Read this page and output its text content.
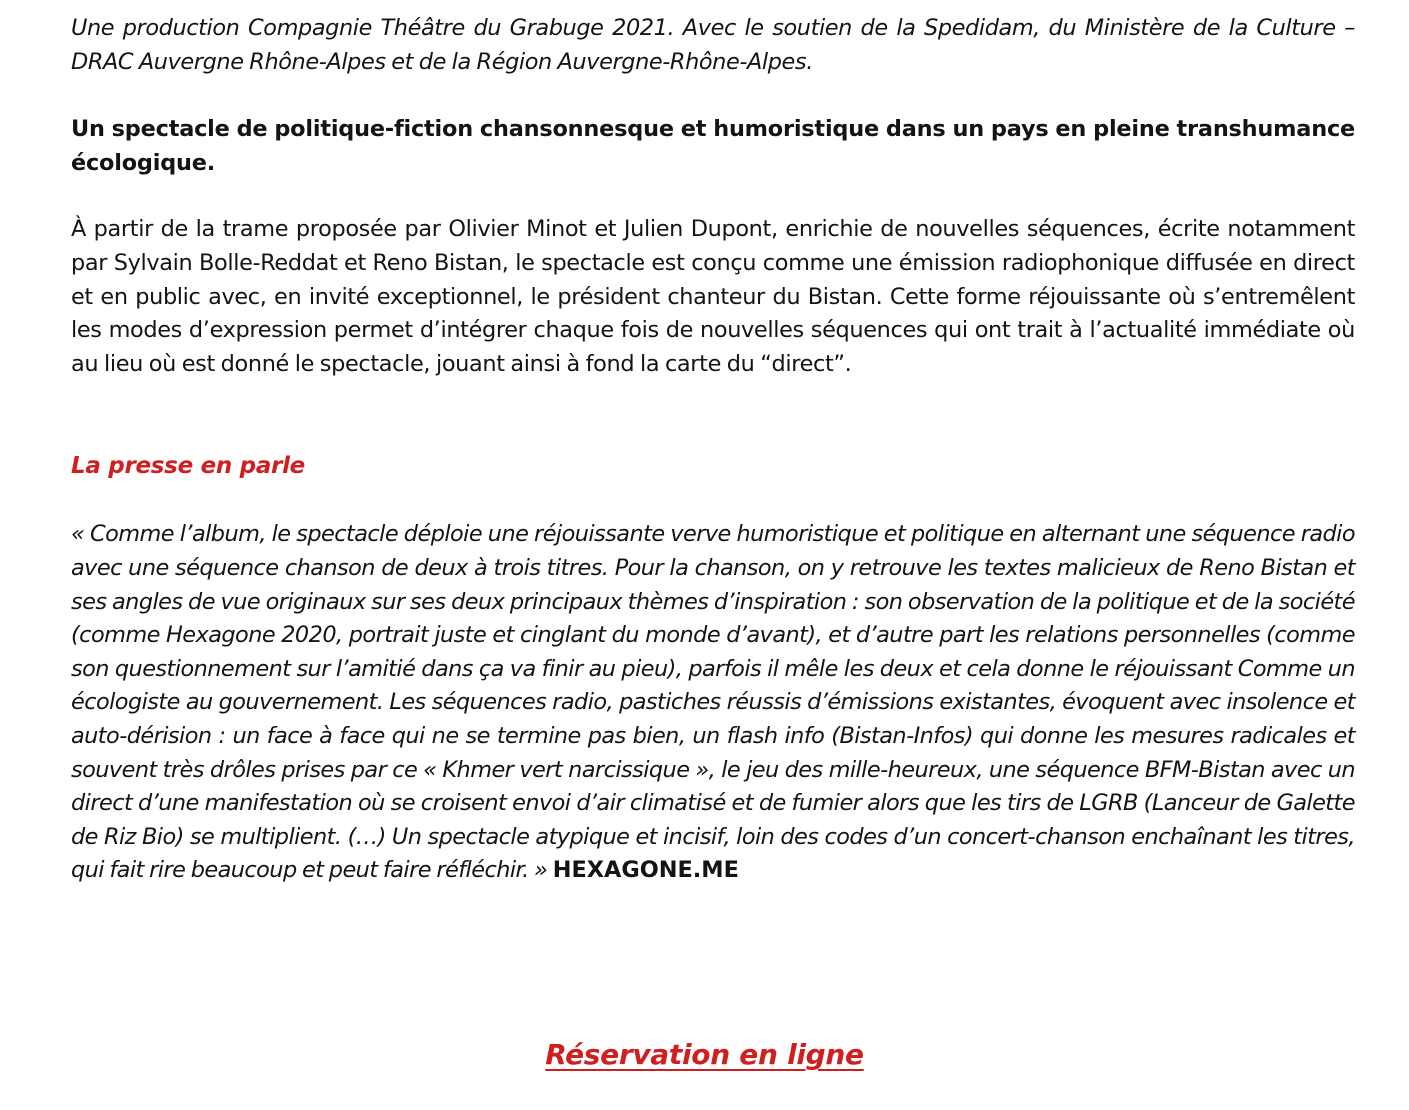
Une production Compagnie Théâtre du Grabuge 2021. Avec le soutien de la Spedidam, du Ministère de la Culture – DRAC Auvergne Rhône-Alpes et de la Région Auvergne-Rhône-Alpes.

Un spectacle de politique-fiction chansonnesque et humoristique dans un pays en pleine transhumance écologique.

À partir de la trame proposée par Olivier Minot et Julien Dupont, enrichie de nouvelles séquences, écrite notamment par Sylvain Bolle-Reddat et Reno Bistan, le spectacle est conçu comme une émission radiophonique diffusée en direct et en public avec, en invité exceptionnel, le président chanteur du Bistan. Cette forme réjouissante où s’entremêlent les modes d’expression permet d’intégrer chaque fois de nouvelles séquences qui ont trait à l’actualité immédiate où au lieu où est donné le spectacle, jouant ainsi à fond la carte du “direct”.

La presse en parle

« Comme l’album, le spectacle déploie une réjouissante verve humoristique et politique en alternant une séquence radio avec une séquence chanson de deux à trois titres. Pour la chanson, on y retrouve les textes malicieux de Reno Bistan et ses angles de vue originaux sur ses deux principaux thèmes d’inspiration : son observation de la politique et de la société (comme Hexagone 2020, portrait juste et cinglant du monde d’avant), et d’autre part les relations personnelles (comme son questionnement sur l’amitié dans ça va finir au pieu), parfois il mêle les deux et cela donne le réjouissant Comme un écologiste au gouvernement. Les séquences radio, pastiches réussis d’émissions existantes, évoquent avec insolence et auto-dérision : un face à face qui ne se termine pas bien, un flash info (Bistan-Infos) qui donne les mesures radicales et souvent très drôles prises par ce « Khmer vert narcissique », le jeu des mille-heureux, une séquence BFM-Bistan avec un direct d’une manifestation où se croisent envoi d’air climatisé et de fumier alors que les tirs de LGRB (Lanceur de Galette de Riz Bio) se multiplient. (…) Un spectacle atypique et incisif, loin des codes d’un concert-chanson enchaînant les titres, qui fait rire beaucoup et peut faire réfléchir. » HEXAGONE.ME

Réservation en ligne
